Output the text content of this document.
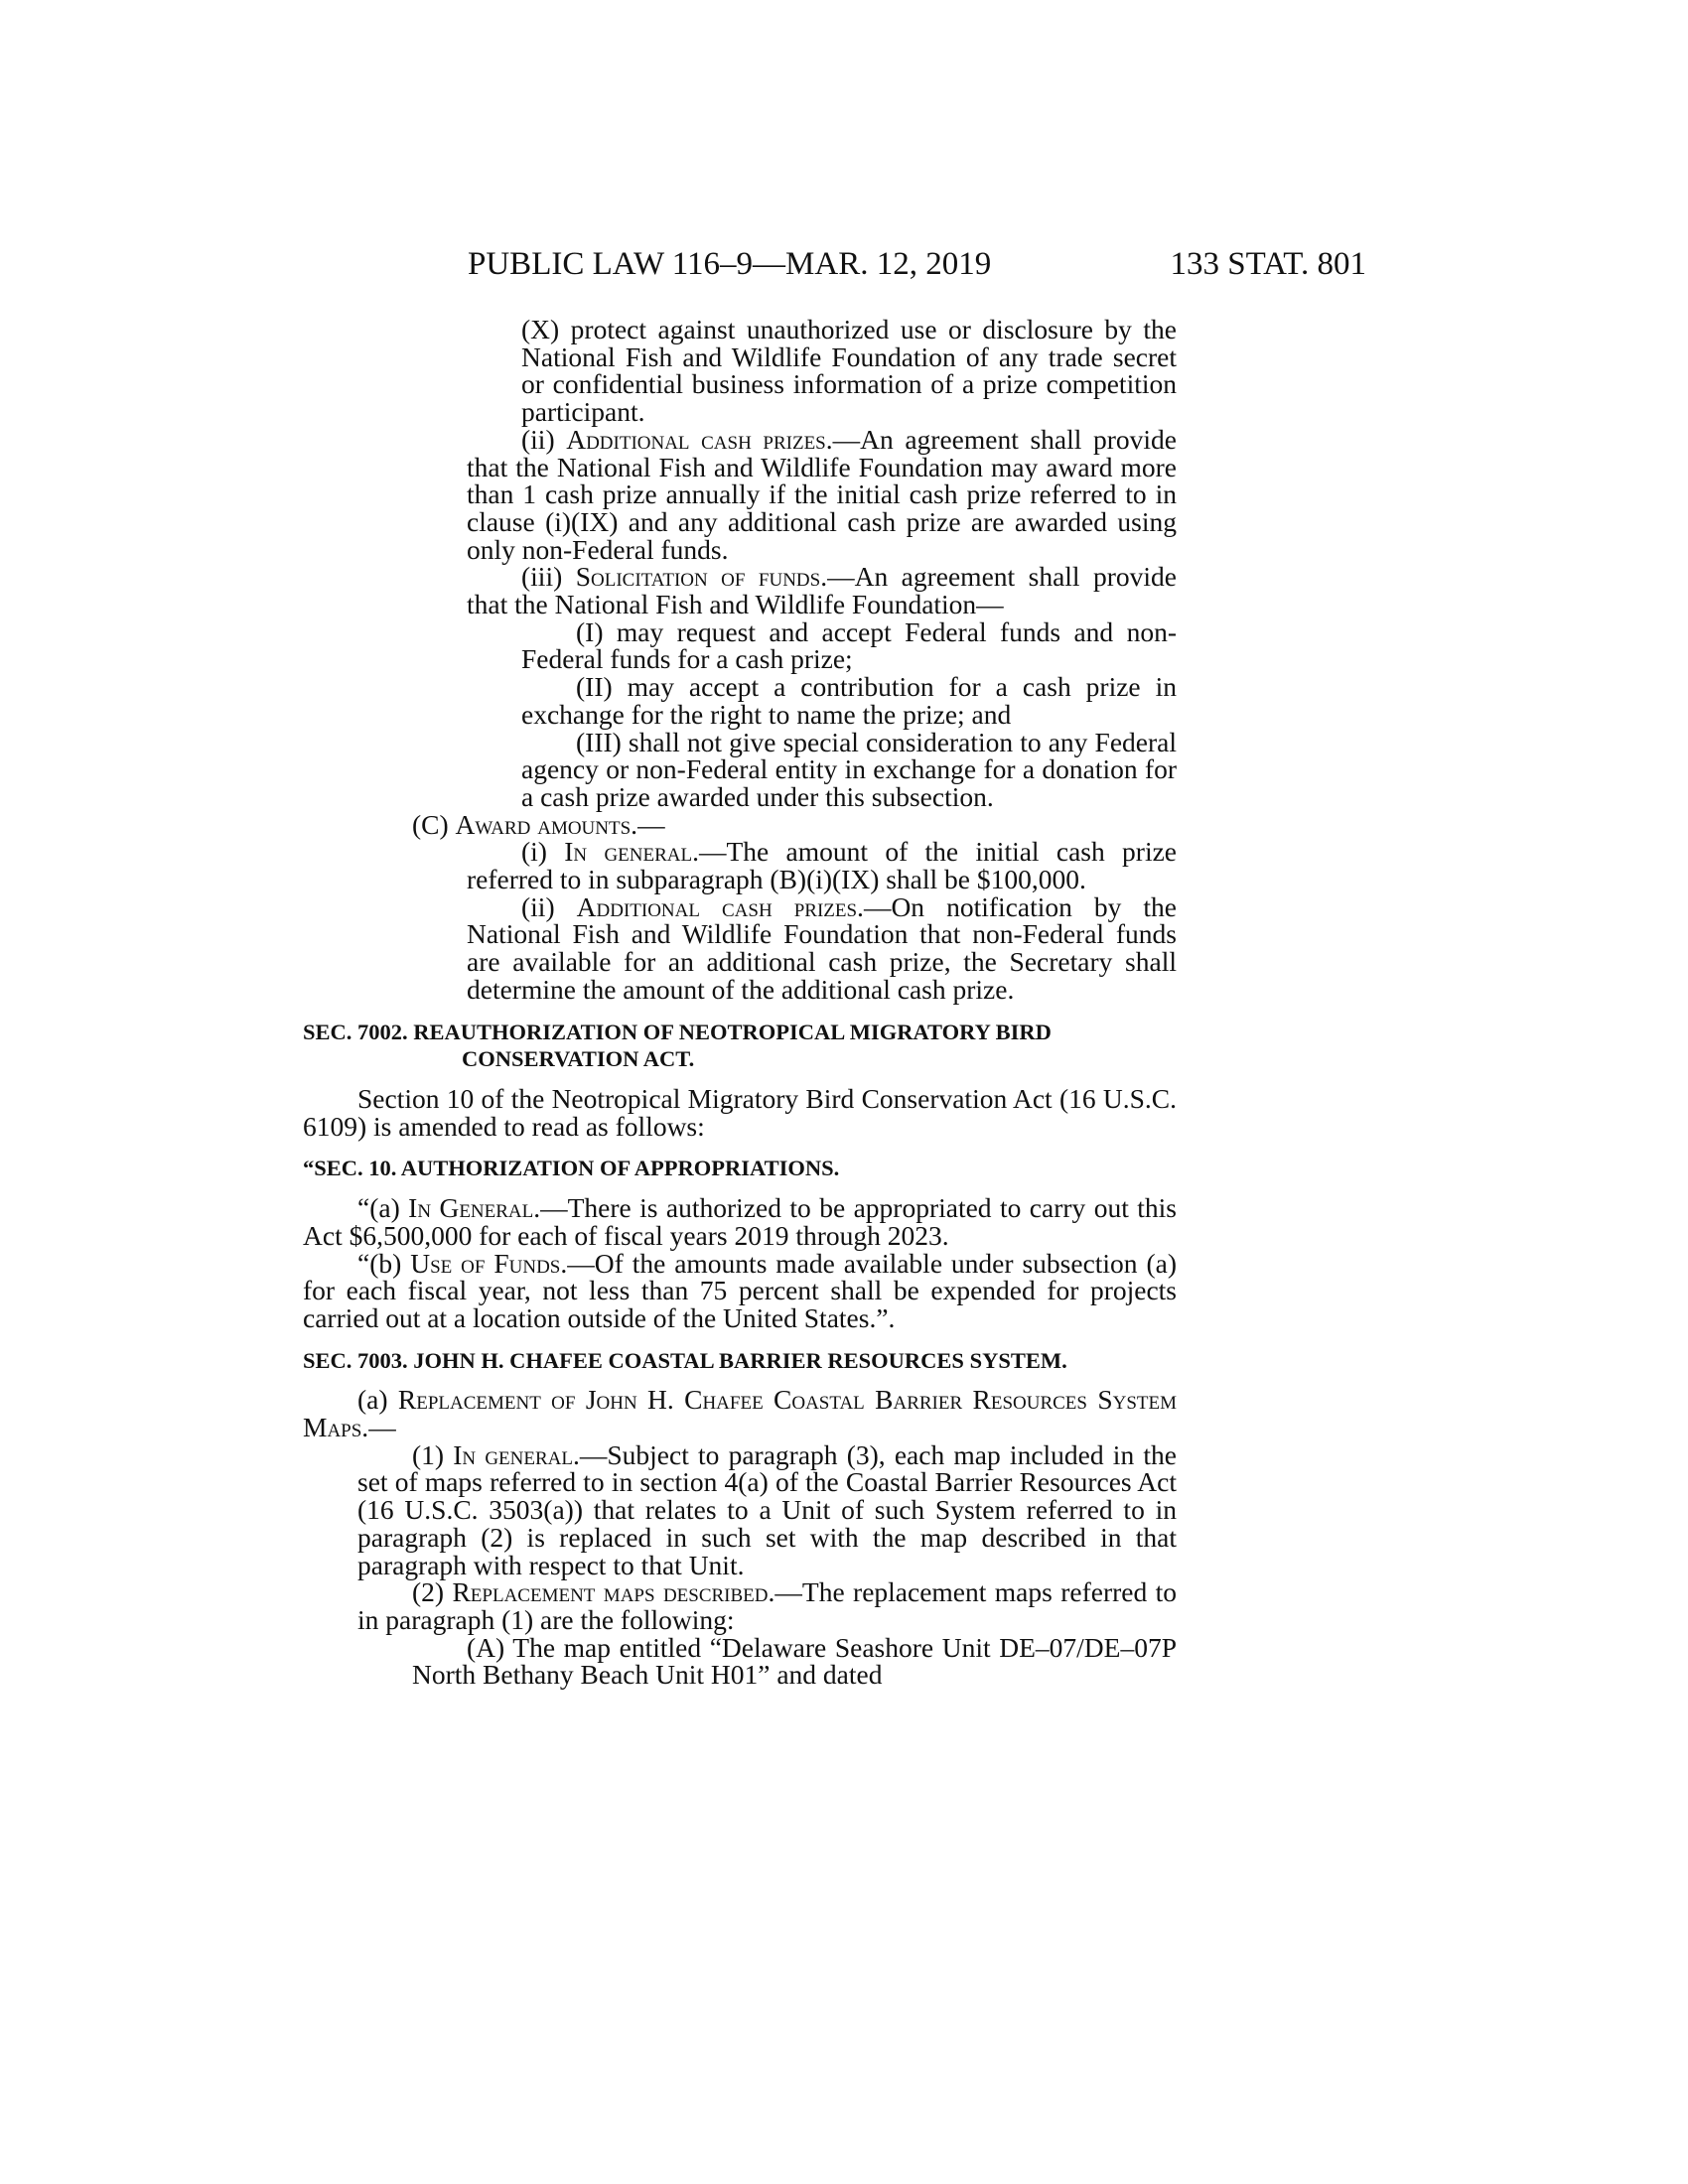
PUBLIC LAW 116–9—MAR. 12, 2019	133 STAT. 801

(X) protect against unauthorized use or disclosure by the National Fish and Wildlife Foundation of any trade secret or confidential business information of a prize competition participant.

(ii) Additional cash prizes.—An agreement shall provide that the National Fish and Wildlife Foundation may award more than 1 cash prize annually if the initial cash prize referred to in clause (i)(IX) and any additional cash prize are awarded using only non-Federal funds.

(iii) Solicitation of funds.—An agreement shall provide that the National Fish and Wildlife Foundation—

(I) may request and accept Federal funds and non-Federal funds for a cash prize;

(II) may accept a contribution for a cash prize in exchange for the right to name the prize; and

(III) shall not give special consideration to any Federal agency or non-Federal entity in exchange for a donation for a cash prize awarded under this subsection.

(C) Award amounts.—

(i) In general.—The amount of the initial cash prize referred to in subparagraph (B)(i)(IX) shall be $100,000.

(ii) Additional cash prizes.—On notification by the National Fish and Wildlife Foundation that non-Federal funds are available for an additional cash prize, the Secretary shall determine the amount of the additional cash prize.

SEC. 7002. REAUTHORIZATION OF NEOTROPICAL MIGRATORY BIRD
CONSERVATION ACT.

Section 10 of the Neotropical Migratory Bird Conservation Act (16 U.S.C. 6109) is amended to read as follows:

“SEC. 10. AUTHORIZATION OF APPROPRIATIONS.

“(a) In General.—There is authorized to be appropriated to carry out this Act $6,500,000 for each of fiscal years 2019 through 2023.

“(b) Use of Funds.—Of the amounts made available under subsection (a) for each fiscal year, not less than 75 percent shall be expended for projects carried out at a location outside of the United States.”.

SEC. 7003. JOHN H. CHAFEE COASTAL BARRIER RESOURCES SYSTEM.

(a) Replacement of John H. Chafee Coastal Barrier Resources System Maps.—

(1) In general.—Subject to paragraph (3), each map included in the set of maps referred to in section 4(a) of the Coastal Barrier Resources Act (16 U.S.C. 3503(a)) that relates to a Unit of such System referred to in paragraph (2) is replaced in such set with the map described in that paragraph with respect to that Unit.

(2) Replacement maps described.—The replacement maps referred to in paragraph (1) are the following:

(A) The map entitled “Delaware Seashore Unit DE–07/DE–07P North Bethany Beach Unit H01” and dated
